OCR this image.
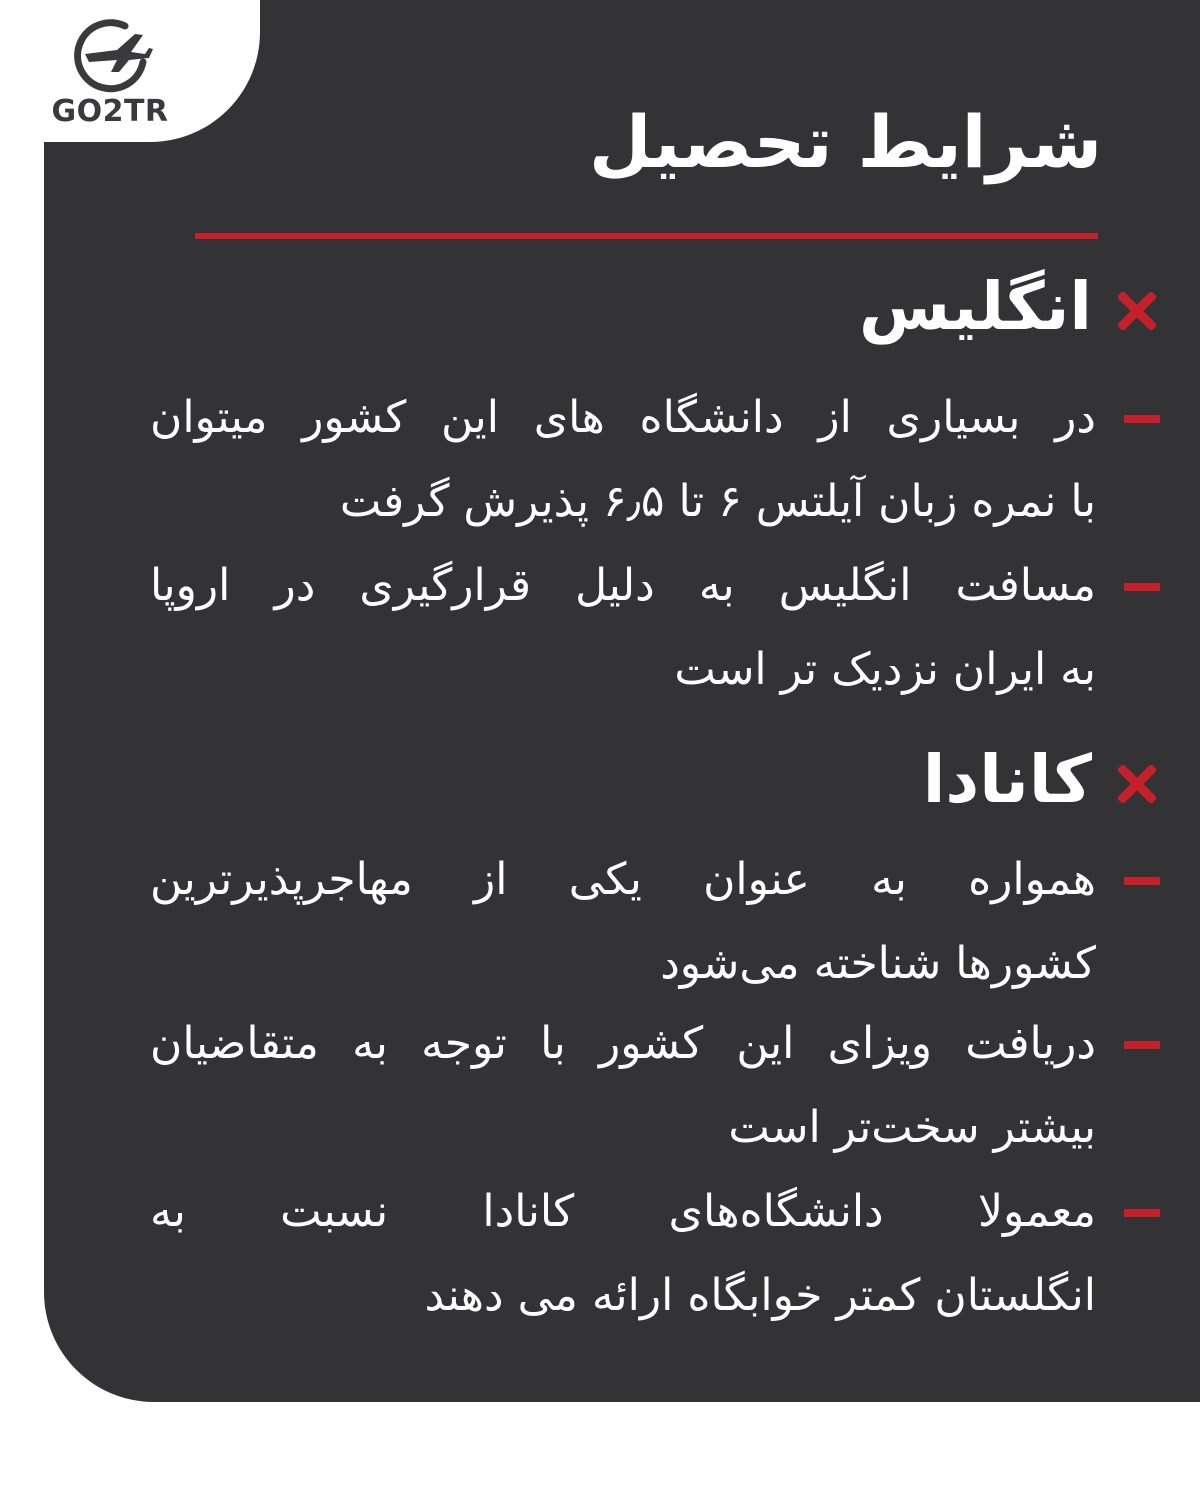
GO2TR	شرایط تحصیل
انگلیس
در بسیاری از دانشگاه های این کشور میتوان
با نمره زبان آیلتس ۶ تا ۶٫۵ پذیرش گرفت
مسافت انگلیس به دلیل قرارگیری در اروپا
به ایران نزدیک تر است
کانادا
همواره به عنوان یکی از مهاجرپذیرترین
کشورها شناخته می‌شود
دریافت ویزای این کشور با توجه به متقاضیان
بیشتر سخت‌تر است
معمولا دانشگاه‌های کانادا نسبت به
انگلستان کمتر خوابگاه ارائه می دهند
